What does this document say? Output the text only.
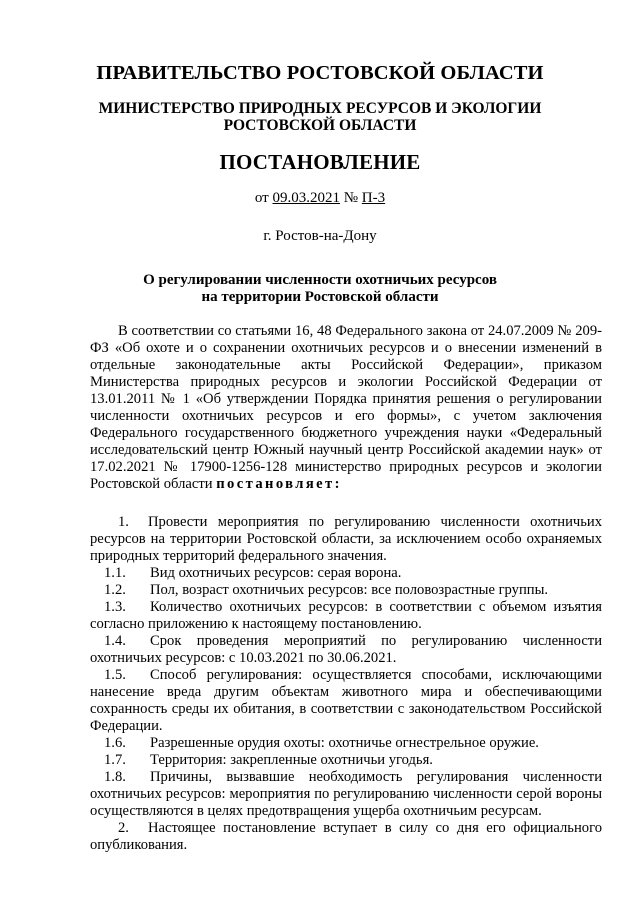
ПРАВИТЕЛЬСТВО РОСТОВСКОЙ ОБЛАСТИ
МИНИСТЕРСТВО ПРИРОДНЫХ РЕСУРСОВ И ЭКОЛОГИИ
РОСТОВСКОЙ ОБЛАСТИ
ПОСТАНОВЛЕНИЕ
от 09.03.2021 № П-3
г. Ростов-на-Дону
О регулировании численности охотничьих ресурсов
на территории Ростовской области

В соответствии со статьями 16, 48 Федерального закона от 24.07.2009 № 209-ФЗ «Об охоте и о сохранении охотничьих ресурсов и о внесении изменений в отдельные законодательные акты Российской Федерации», приказом Министерства природных ресурсов и экологии Российской Федерации от 13.01.2011 № 1 «Об утверждении Порядка принятия решения о регулировании численности охотничьих ресурсов и его формы», с учетом заключения Федерального государственного бюджетного учреждения науки «Федеральный исследовательский центр Южный научный центр Российской академии наук» от 17.02.2021 № 17900-1256-128 министерство природных ресурсов и экологии Ростовской области постановляет:

1. Провести мероприятия по регулированию численности охотничьих ресурсов на территории Ростовской области, за исключением особо охраняемых природных территорий федерального значения.

1.1. Вид охотничьих ресурсов: серая ворона.

1.2. Пол, возраст охотничьих ресурсов: все половозрастные группы.

1.3. Количество охотничьих ресурсов: в соответствии с объемом изъятия согласно приложению к настоящему постановлению.

1.4. Срок проведения мероприятий по регулированию численности охотничьих ресурсов: с 10.03.2021 по 30.06.2021.

1.5. Способ регулирования: осуществляется способами, исключающими нанесение вреда другим объектам животного мира и обеспечивающими сохранность среды их обитания, в соответствии с законодательством Российской Федерации.

1.6. Разрешенные орудия охоты: охотничье огнестрельное оружие.

1.7. Территория: закрепленные охотничьи угодья.

1.8. Причины, вызвавшие необходимость регулирования численности охотничьих ресурсов: мероприятия по регулированию численности серой вороны осуществляются в целях предотвращения ущерба охотничьим ресурсам.

2. Настоящее постановление вступает в силу со дня его официального опубликования.
